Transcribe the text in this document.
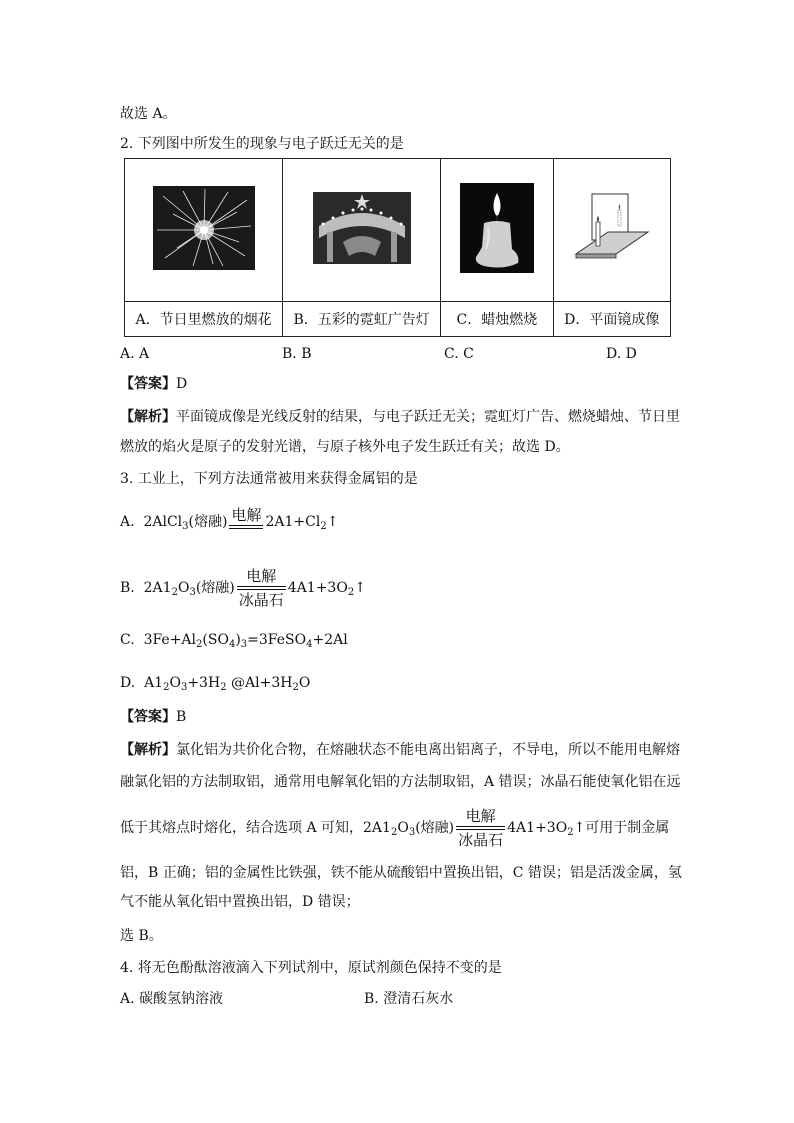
故选 A。
2. 下列图中所发生的现象与电子跃迁无关的是

A．节日里燃放的烟花	B．五彩的霓虹广告灯	C．蜡烛燃烧	D．平面镜成像
A. A	B. B	C. C	D. D
【答案】D
【解析】平面镜成像是光线反射的结果，与电子跃迁无关；霓虹灯广告、燃烧蜡烛、节日里
燃放的焰火是原子的发射光谱，与原子核外电子发生跃迁有关；故选 D。
3. 工业上，下列方法通常被用来获得金属铝的是
A.  2AlCl$_3$(熔融) 电解 $2A1+Cl_2↑$
B.  $2A1_2O_3$(熔融) $\frac{\text{电解}}{\text{冰晶石}}$ $4A1+3O_2↑$
C.  $3Fe+Al_2(SO_4)_3=3FeSO_4+2Al$
D.  $A1_2O_3+3H_2$ $@Al+3H_2O$
【答案】B
【解析】氯化铝为共价化合物，在熔融状态不能电离出铝离子，不导电，所以不能用电解熔
融氯化铝的方法制取铝，通常用电解氧化铝的方法制取铝，A 错误；冰晶石能使氧化铝在远
低于其熔点时熔化，结合选项 A 可知，$2A1_2O_3$(熔融) $\frac{\text{电解}}{\text{冰晶石}}$ $4A1+3O_2↑$可用于制金属
铝，B 正确；铝的金属性比铁强，铁不能从硫酸铝中置换出铝，C 错误；铝是活泼金属，氢
气不能从氧化铝中置换出铝，D 错误；
选 B。
4. 将无色酚酞溶液滴入下列试剂中，原试剂颜色保持不变的是
A. 碳酸氢钠溶液	B. 澄清石灰水
